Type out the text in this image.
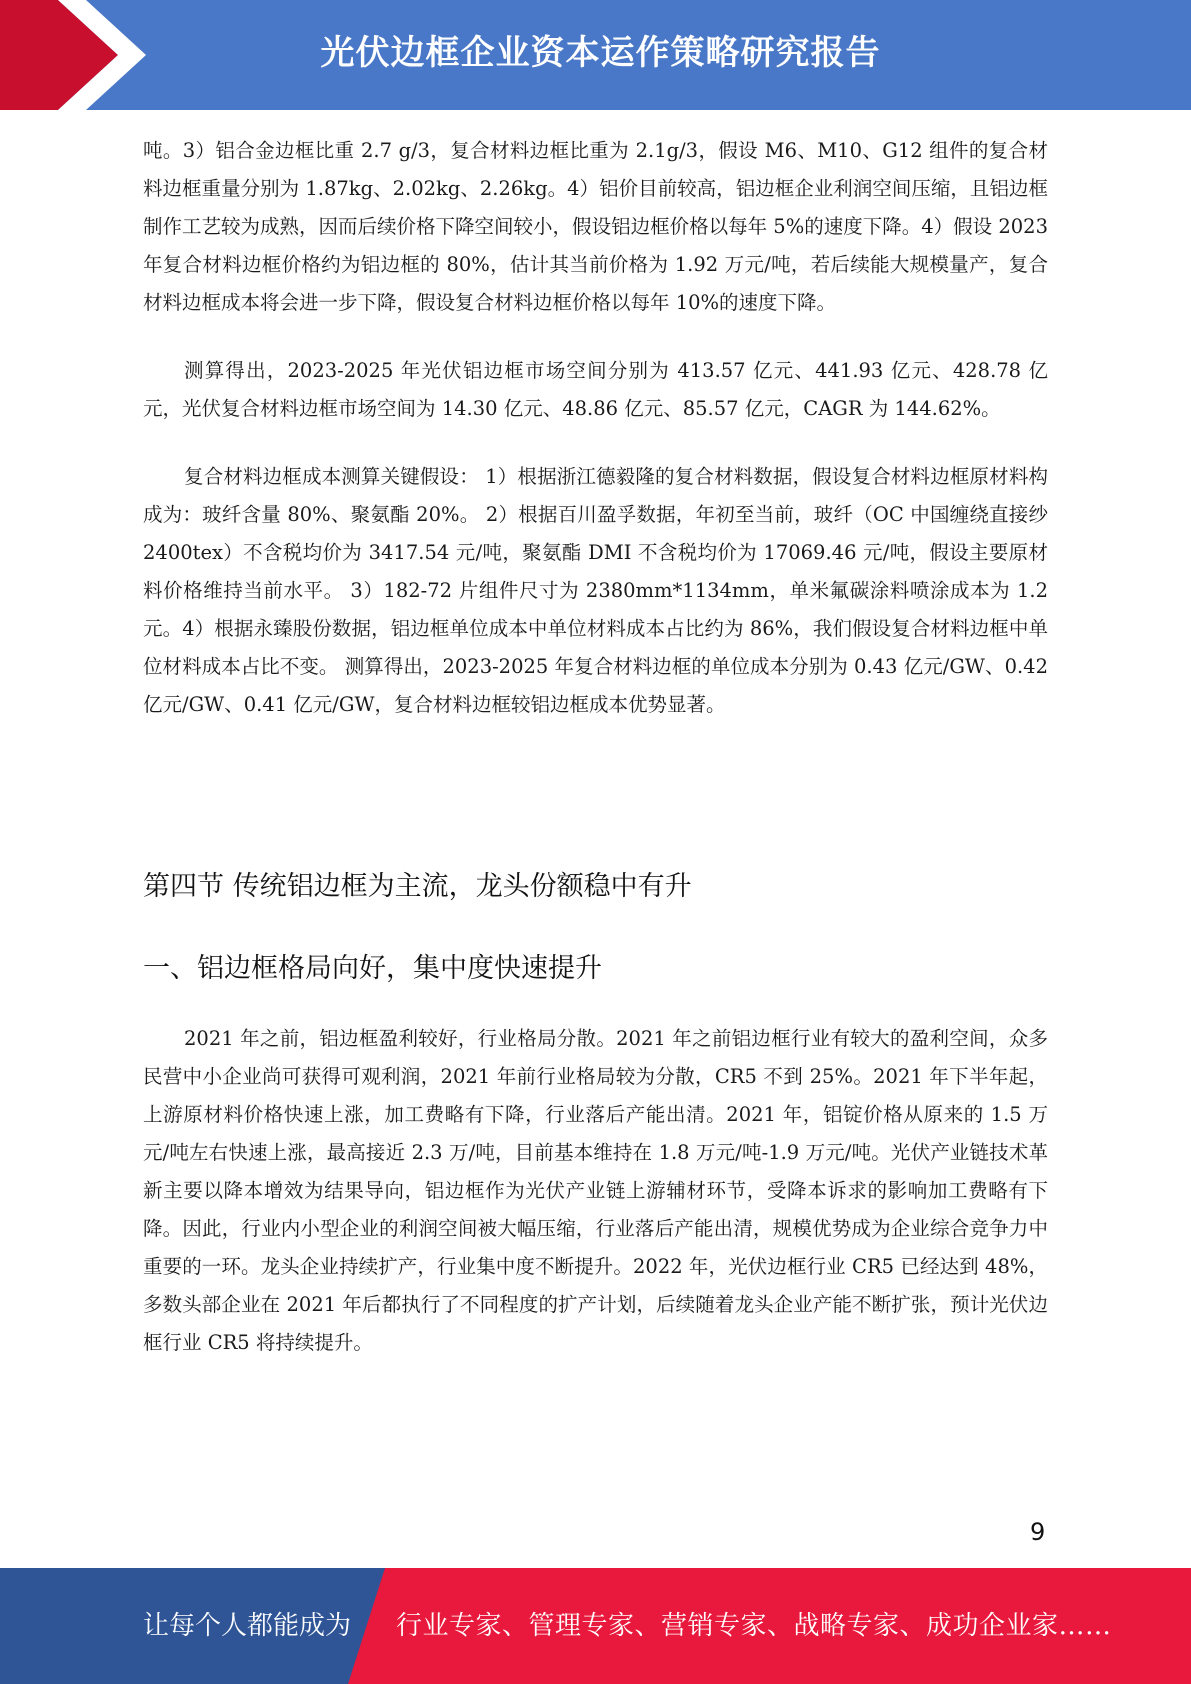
光伏边框企业资本运作策略研究报告

吨。3）铝合金边框比重 2.7 g/3，复合材料边框比重为 2.1g/3，假设 M6、M10、G12 组件的复合材料边框重量分别为 1.87kg、2.02kg、2.26kg。4）铝价目前较高，铝边框企业利润空间压缩，且铝边框制作工艺较为成熟，因而后续价格下降空间较小，假设铝边框价格以每年 5%的速度下降。4）假设 2023 年复合材料边框价格约为铝边框的 80%，估计其当前价格为 1.92 万元/吨，若后续能大规模量产，复合材料边框成本将会进一步下降，假设复合材料边框价格以每年 10%的速度下降。

测算得出，2023-2025 年光伏铝边框市场空间分别为 413.57 亿元、441.93 亿元、428.78 亿元，光伏复合材料边框市场空间为 14.30 亿元、48.86 亿元、85.57 亿元，CAGR 为 144.62%。

复合材料边框成本测算关键假设： 1）根据浙江德毅隆的复合材料数据，假设复合材料边框原材料构成为：玻纤含量 80%、聚氨酯 20%。 2）根据百川盈孚数据，年初至当前，玻纤（OC 中国缠绕直接纱 2400tex）不含税均价为 3417.54 元/吨，聚氨酯 DMI 不含税均价为 17069.46 元/吨，假设主要原材料价格维持当前水平。 3）182-72 片组件尺寸为 2380mm*1134mm，单米氟碳涂料喷涂成本为 1.2 元。4）根据永臻股份数据，铝边框单位成本中单位材料成本占比约为 86%，我们假设复合材料边框中单位材料成本占比不变。 测算得出，2023-2025 年复合材料边框的单位成本分别为 0.43 亿元/GW、0.42 亿元/GW、0.41 亿元/GW，复合材料边框较铝边框成本优势显著。

第四节 传统铝边框为主流，龙头份额稳中有升
一、铝边框格局向好，集中度快速提升

2021 年之前，铝边框盈利较好，行业格局分散。2021 年之前铝边框行业有较大的盈利空间，众多民营中小企业尚可获得可观利润，2021 年前行业格局较为分散，CR5 不到 25%。2021 年下半年起，上游原材料价格快速上涨，加工费略有下降，行业落后产能出清。2021 年，铝锭价格从原来的 1.5 万元/吨左右快速上涨，最高接近 2.3 万/吨，目前基本维持在 1.8 万元/吨-1.9 万元/吨。光伏产业链技术革新主要以降本增效为结果导向，铝边框作为光伏产业链上游辅材环节，受降本诉求的影响加工费略有下降。因此，行业内小型企业的利润空间被大幅压缩，行业落后产能出清，规模优势成为企业综合竞争力中重要的一环。龙头企业持续扩产，行业集中度不断提升。2022 年，光伏边框行业 CR5 已经达到 48%，多数头部企业在 2021 年后都执行了不同程度的扩产计划，后续随着龙头企业产能不断扩张，预计光伏边框行业 CR5 将持续提升。

9
让每个人都能成为 行业专家、管理专家、营销专家、战略专家、成功企业家……
